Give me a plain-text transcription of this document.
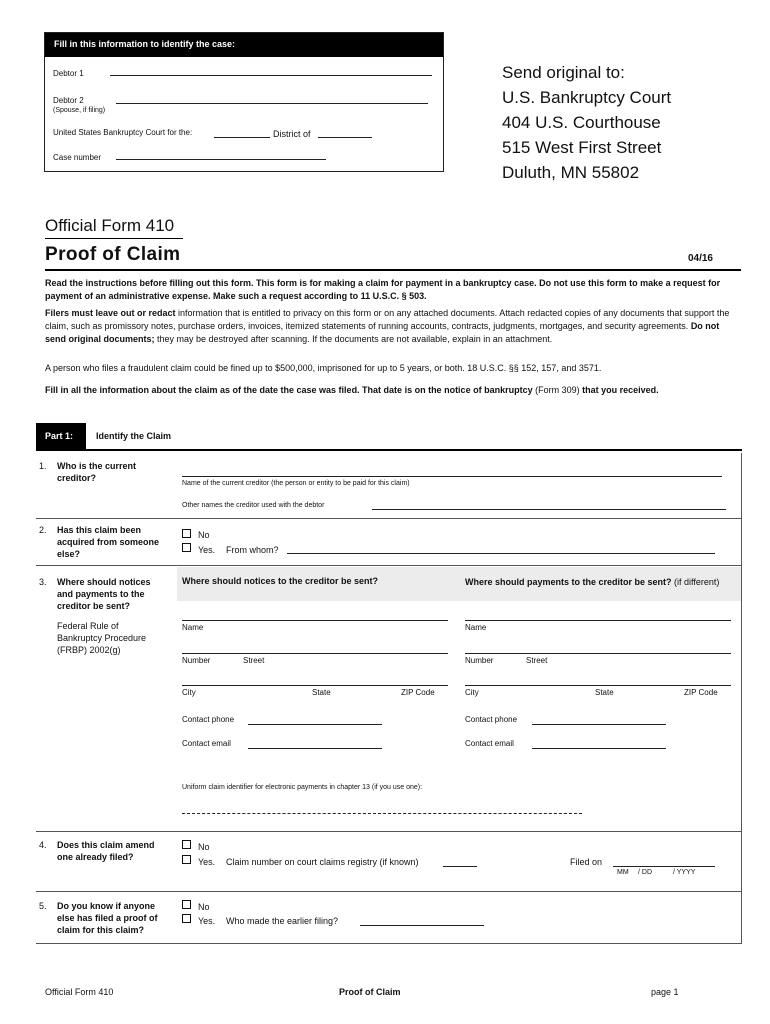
Fill in this information to identify the case:
Debtor 1
Debtor 2
(Spouse, if filing)
United States Bankruptcy Court for the:	District of
Case number
Send original to:
U.S. Bankruptcy Court
404 U.S. Courthouse
515 West First Street
Duluth, MN 55802
Official Form 410
Proof of Claim	04/16
Read the instructions before filling out this form. This form is for making a claim for payment in a bankruptcy case. Do not use this form to make a request for payment of an administrative expense. Make such a request according to 11 U.S.C. § 503.
Filers must leave out or redact information that is entitled to privacy on this form or on any attached documents. Attach redacted copies of any documents that support the claim, such as promissory notes, purchase orders, invoices, itemized statements of running accounts, contracts, judgments, mortgages, and security agreements. Do not send original documents; they may be destroyed after scanning. If the documents are not available, explain in an attachment.
A person who files a fraudulent claim could be fined up to $500,000, imprisoned for up to 5 years, or both. 18 U.S.C. §§ 152, 157, and 3571.
Fill in all the information about the claim as of the date the case was filed. That date is on the notice of bankruptcy (Form 309) that you received.
Part 1:	Identify the Claim
1. Who is the current creditor?
Name of the current creditor (the person or entity to be paid for this claim)
Other names the creditor used with the debtor
2. Has this claim been acquired from someone else?
No
Yes. From whom?
3. Where should notices and payments to the creditor be sent?
Federal Rule of Bankruptcy Procedure (FRBP) 2002(g)
Where should notices to the creditor be sent?	Where should payments to the creditor be sent? (if different)
Name
Number	Street
City	State	ZIP Code
Contact phone
Contact email
Name
Number	Street
City	State	ZIP Code
Contact phone
Contact email
Uniform claim identifier for electronic payments in chapter 13 (if you use one):
4. Does this claim amend one already filed?
No
Yes. Claim number on court claims registry (if known)	Filed on
MM / DD	/ YYYY
5. Do you know if anyone else has filed a proof of claim for this claim?
No
Yes. Who made the earlier filing?
Official Form 410	Proof of Claim	page 1
